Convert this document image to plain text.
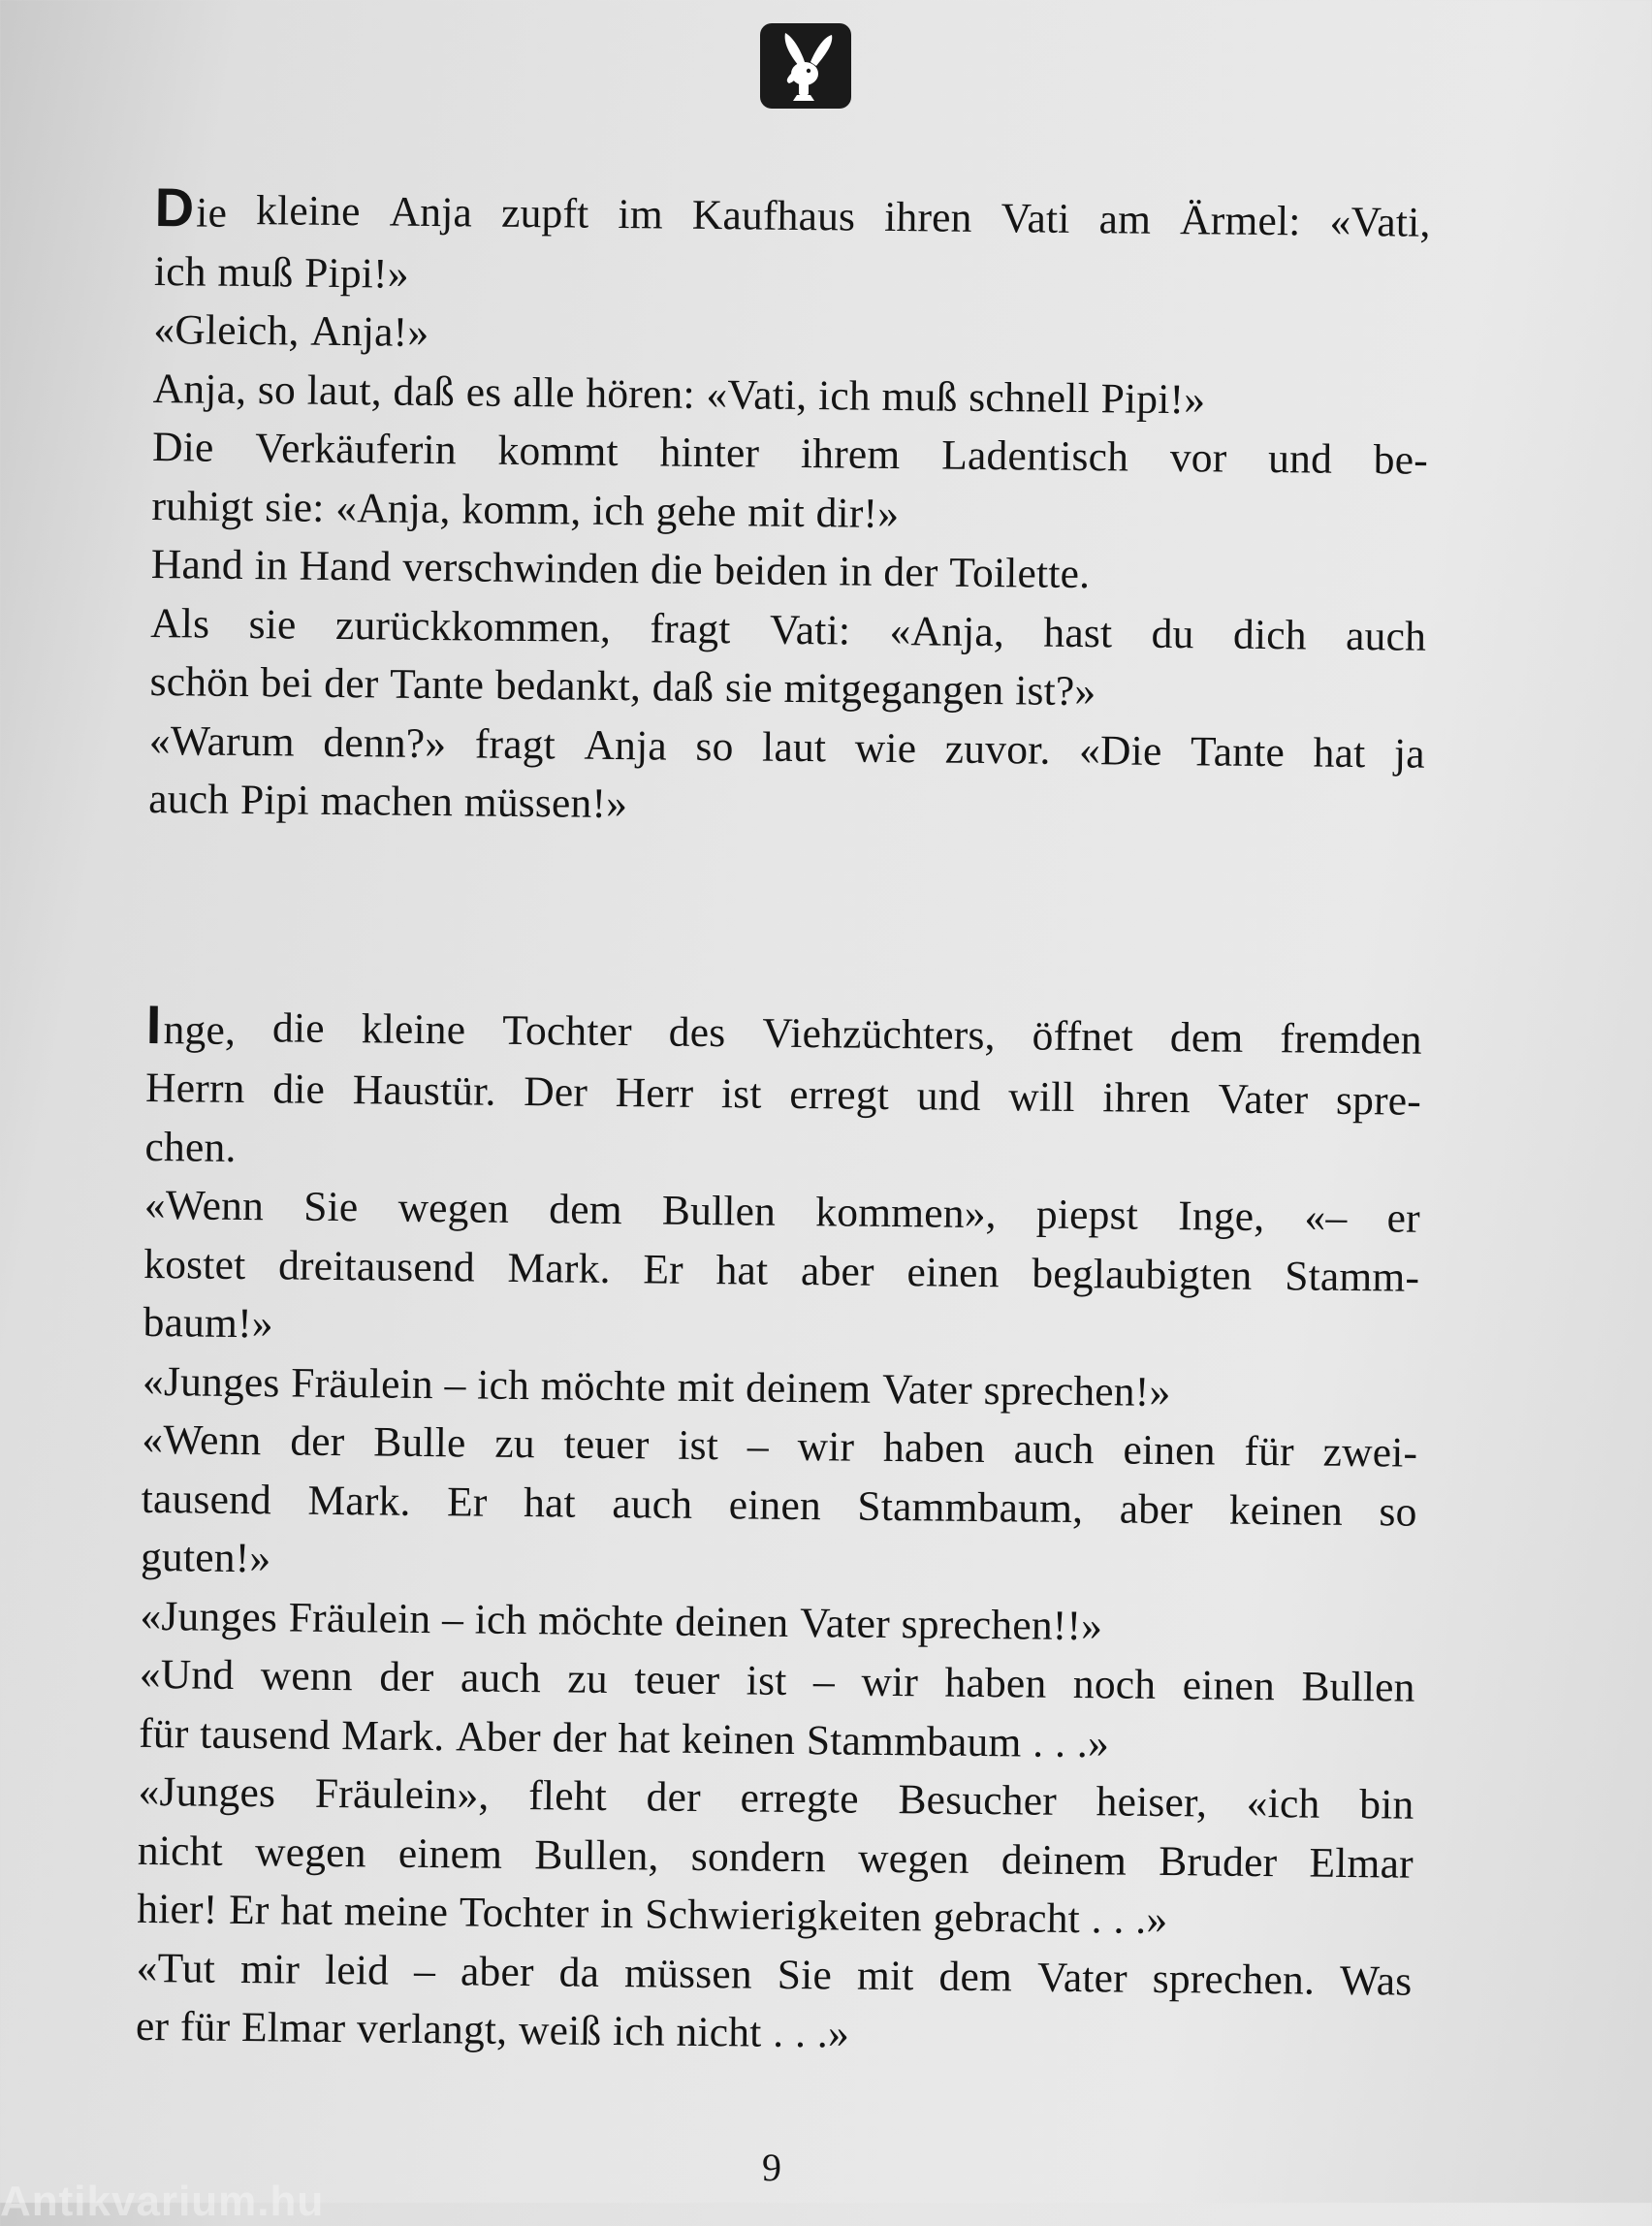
D ie kleine Anja zupft im Kaufhaus ihren Vati am Ärmel: «Vati,
ich muß Pipi!»
«Gleich, Anja!»
Anja, so laut, daß es alle hören: «Vati, ich muß schnell Pipi!»
Die Verkäuferin kommt hinter ihrem Ladentisch vor und be-
ruhigt sie: «Anja, komm, ich gehe mit dir!»
Hand in Hand verschwinden die beiden in der Toilette.
Als sie zurückkommen, fragt Vati: «Anja, hast du dich auch
schön bei der Tante bedankt, daß sie mitgegangen ist?»
«Warum denn?» fragt Anja so laut wie zuvor. «Die Tante hat ja
auch Pipi machen müssen!»
I nge, die kleine Tochter des Viehzüchters, öffnet dem fremden
Herrn die Haustür. Der Herr ist erregt und will ihren Vater spre-
chen.
«Wenn Sie wegen dem Bullen kommen», piepst Inge, «– er
kostet dreitausend Mark. Er hat aber einen beglaubigten Stamm-
baum!»
«Junges Fräulein – ich möchte mit deinem Vater sprechen!»
«Wenn der Bulle zu teuer ist – wir haben auch einen für zwei-
tausend Mark. Er hat auch einen Stammbaum, aber keinen so
guten!»
«Junges Fräulein – ich möchte deinen Vater sprechen!!»
«Und wenn der auch zu teuer ist – wir haben noch einen Bullen
für tausend Mark. Aber der hat keinen Stammbaum . . .»
«Junges Fräulein», fleht der erregte Besucher heiser, «ich bin
nicht wegen einem Bullen, sondern wegen deinem Bruder Elmar
hier! Er hat meine Tochter in Schwierigkeiten gebracht . . .»
«Tut mir leid – aber da müssen Sie mit dem Vater sprechen. Was
er für Elmar verlangt, weiß ich nicht . . .»
9
Antikvarium.hu
